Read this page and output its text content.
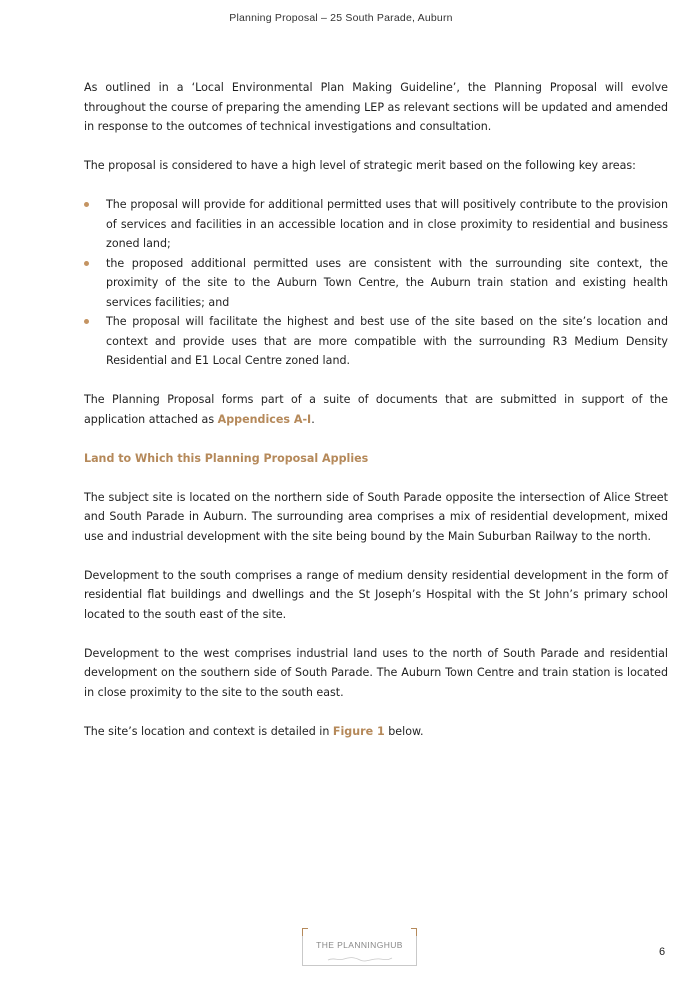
Planning Proposal – 25 South Parade, Auburn

As outlined in a ‘Local Environmental Plan Making Guideline’, the Planning Proposal will evolve throughout the course of preparing the amending LEP as relevant sections will be updated and amended in response to the outcomes of technical investigations and consultation.

The proposal is considered to have a high level of strategic merit based on the following key areas:

The proposal will provide for additional permitted uses that will positively contribute to the provision of services and facilities in an accessible location and in close proximity to residential and business zoned land;
the proposed additional permitted uses are consistent with the surrounding site context, the proximity of the site to the Auburn Town Centre, the Auburn train station and existing health services facilities; and
The proposal will facilitate the highest and best use of the site based on the site’s location and context and provide uses that are more compatible with the surrounding R3 Medium Density Residential and E1 Local Centre zoned land.

The Planning Proposal forms part of a suite of documents that are submitted in support of the application attached as Appendices A-I.

Land to Which this Planning Proposal Applies

The subject site is located on the northern side of South Parade opposite the intersection of Alice Street and South Parade in Auburn. The surrounding area comprises a mix of residential development, mixed use and industrial development with the site being bound by the Main Suburban Railway to the north.

Development to the south comprises a range of medium density residential development in the form of residential flat buildings and dwellings and the St Joseph’s Hospital with the St John’s primary school located to the south east of the site.

Development to the west comprises industrial land uses to the north of South Parade and residential development on the southern side of South Parade. The Auburn Town Centre and train station is located in close proximity to the site to the south east.

The site’s location and context is detailed in Figure 1 below.

THE PLANNINGHUB
6
